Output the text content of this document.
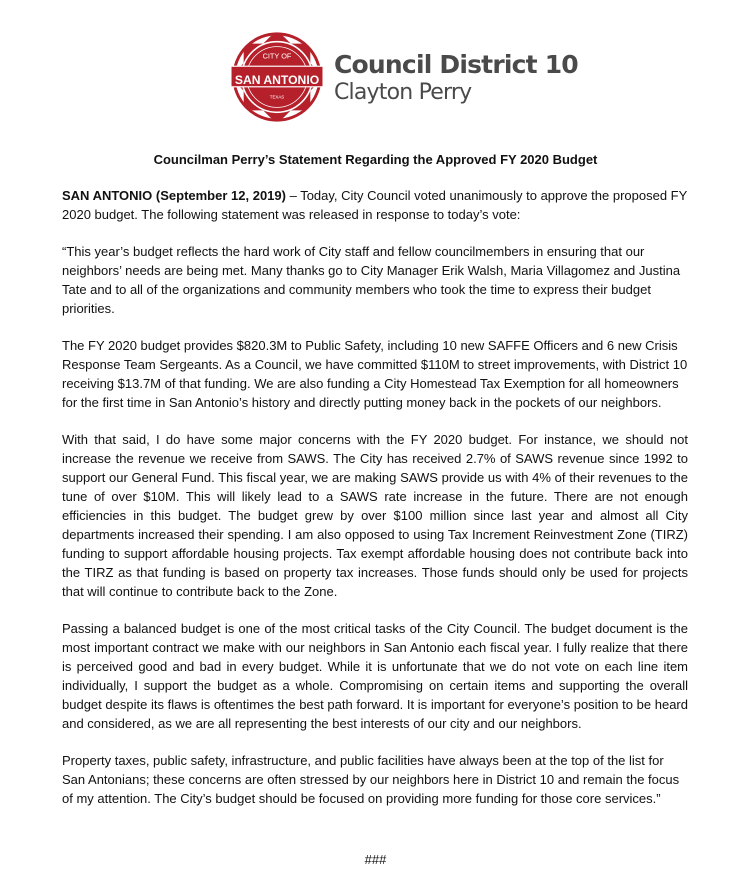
CITY OF
SAN ANTONIO
TEXAS
Council District 10
Clayton Perry
Councilman Perry’s Statement Regarding the Approved FY 2020 Budget

SAN ANTONIO (September 12, 2019) – Today, City Council voted unanimously to approve the proposed FY 2020 budget. The following statement was released in response to today’s vote:

“This year’s budget reflects the hard work of City staff and fellow councilmembers in ensuring that our neighbors’ needs are being met. Many thanks go to City Manager Erik Walsh, Maria Villagomez and Justina Tate and to all of the organizations and community members who took the time to express their budget priorities.

The FY 2020 budget provides $820.3M to Public Safety, including 10 new SAFFE Officers and 6 new Crisis Response Team Sergeants. As a Council, we have committed $110M to street improvements, with District 10 receiving $13.7M of that funding. We are also funding a City Homestead Tax Exemption for all homeowners for the first time in San Antonio’s history and directly putting money back in the pockets of our neighbors.

With that said, I do have some major concerns with the FY 2020 budget. For instance, we should not increase the revenue we receive from SAWS. The City has received 2.7% of SAWS revenue since 1992 to support our General Fund. This fiscal year, we are making SAWS provide us with 4% of their revenues to the tune of over $10M. This will likely lead to a SAWS rate increase in the future. There are not enough efficiencies in this budget. The budget grew by over $100 million since last year and almost all City departments increased their spending. I am also opposed to using Tax Increment Reinvestment Zone (TIRZ) funding to support affordable housing projects. Tax exempt affordable housing does not contribute back into the TIRZ as that funding is based on property tax increases. Those funds should only be used for projects that will continue to contribute back to the Zone.

Passing a balanced budget is one of the most critical tasks of the City Council. The budget document is the most important contract we make with our neighbors in San Antonio each fiscal year. I fully realize that there is perceived good and bad in every budget. While it is unfortunate that we do not vote on each line item individually, I support the budget as a whole. Compromising on certain items and supporting the overall budget despite its flaws is oftentimes the best path forward. It is important for everyone’s position to be heard and considered, as we are all representing the best interests of our city and our neighbors.

Property taxes, public safety, infrastructure, and public facilities have always been at the top of the list for San Antonians; these concerns are often stressed by our neighbors here in District 10 and remain the focus of my attention. The City’s budget should be focused on providing more funding for those core services.”

###
